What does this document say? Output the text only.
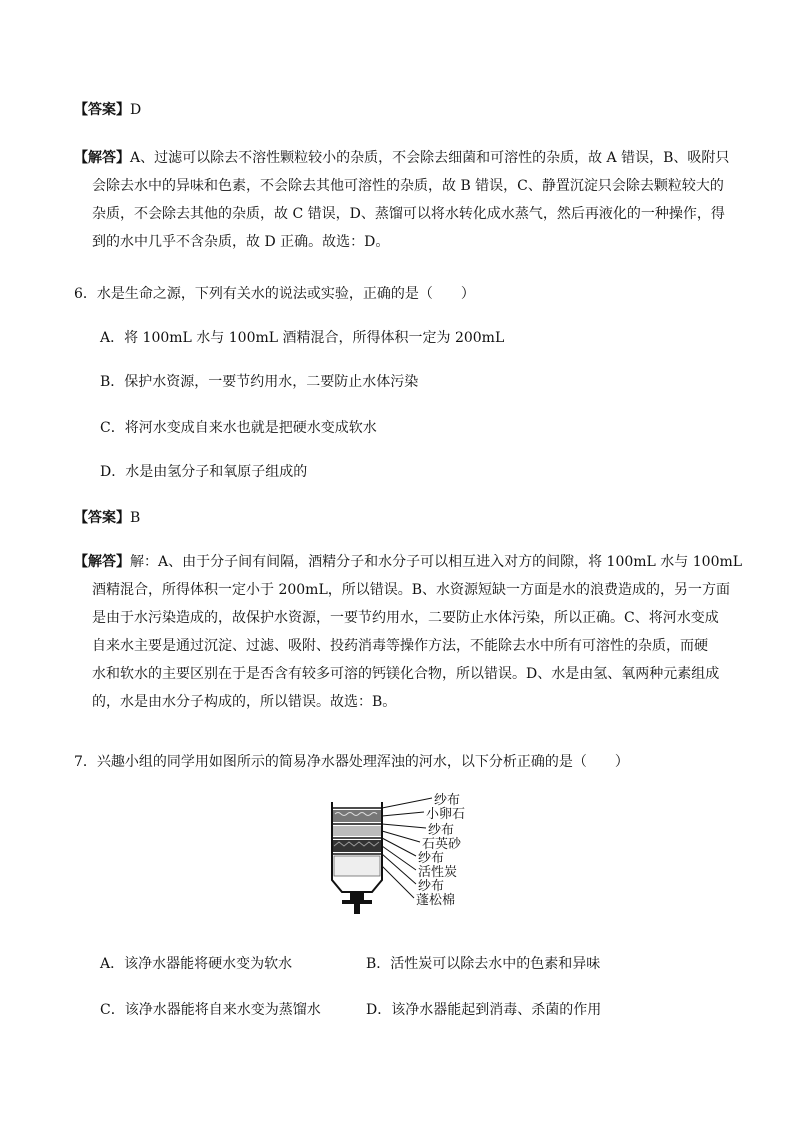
【答案】D
【解答】A、过滤可以除去不溶性颗粒较小的杂质，不会除去细菌和可溶性的杂质，故 A 错误，B、吸附只
会除去水中的异味和色素，不会除去其他可溶性的杂质，故 B 错误，C、静置沉淀只会除去颗粒较大的
杂质，不会除去其他的杂质，故 C 错误，D、蒸馏可以将水转化成水蒸气，然后再液化的一种操作，得
到的水中几乎不含杂质，故 D 正确。故选：D。
6．水是生命之源，下列有关水的说法或实验，正确的是（　　）
A．将 100mL 水与 100mL 酒精混合，所得体积一定为 200mL
B．保护水资源，一要节约用水，二要防止水体污染
C．将河水变成自来水也就是把硬水变成软水
D．水是由氢分子和氧原子组成的
【答案】B
【解答】解：A、由于分子间有间隔，酒精分子和水分子可以相互进入对方的间隙，将 100mL 水与 100mL
酒精混合，所得体积一定小于 200mL，所以错误。B、水资源短缺一方面是水的浪费造成的，另一方面
是由于水污染造成的，故保护水资源，一要节约用水，二要防止水体污染，所以正确。C、将河水变成
自来水主要是通过沉淀、过滤、吸附、投药消毒等操作方法，不能除去水中所有可溶性的杂质，而硬
水和软水的主要区别在于是否含有较多可溶的钙镁化合物，所以错误。D、水是由氢、氧两种元素组成
的，水是由水分子构成的，所以错误。故选：B。
7．兴趣小组的同学用如图所示的简易净水器处理浑浊的河水，以下分析正确的是（　　）
纱布
小卵石
纱布
石英砂
纱布
活性炭
纱布
蓬松棉
A．该净水器能将硬水变为软水	B．活性炭可以除去水中的色素和异味
C．该净水器能将自来水变为蒸馏水	D．该净水器能起到消毒、杀菌的作用
